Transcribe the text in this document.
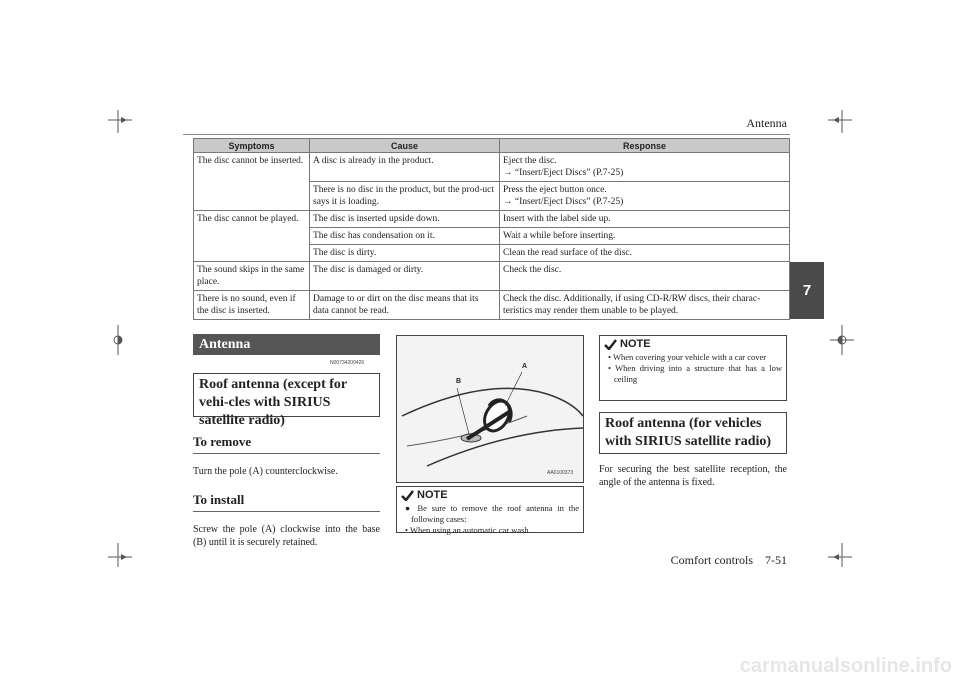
Antenna
7
Symptoms	Cause	Response
The disc cannot be inserted.	A disc is already in the product.	Eject the disc.
→ “Insert/Eject Discs” (P.7-25)

	There is no disc in the product, but the prod-uct says it is loading.	Press the eject button once.
→ “Insert/Eject Discs” (P.7-25)

The disc cannot be played.	The disc is inserted upside down.	Insert with the label side up.
	The disc has condensation on it.	Wait a while before inserting.
	The disc is dirty.	Clean the read surface of the disc.
The sound skips in the same place.	The disc is damaged or dirty.	Check the disc.
There is no sound, even if the disc is inserted.	Damage to or dirt on the disc means that its data cannot be read.	Check the disc. Additionally, if using CD-R/RW discs, their charac-teristics may render them unable to be played.
Antenna
N00734200426
Roof antenna (except for vehi-cles with SIRIUS satellite radio)
To remove
Turn the pole (A) counterclockwise.
To install
Screw the pole (A) clockwise into the base (B) until it is securely retained.
B
A
AA0100373
NOTE
● Be sure to remove the roof antenna in the following cases:
• When using an automatic car wash
NOTE
• When covering your vehicle with a car cover
• When driving into a structure that has a low ceiling
Roof antenna (for vehicles with SIRIUS satellite radio)
For securing the best satellite reception, the angle of the antenna is fixed.
Comfort controls    7-51
carmanualsonline.info
